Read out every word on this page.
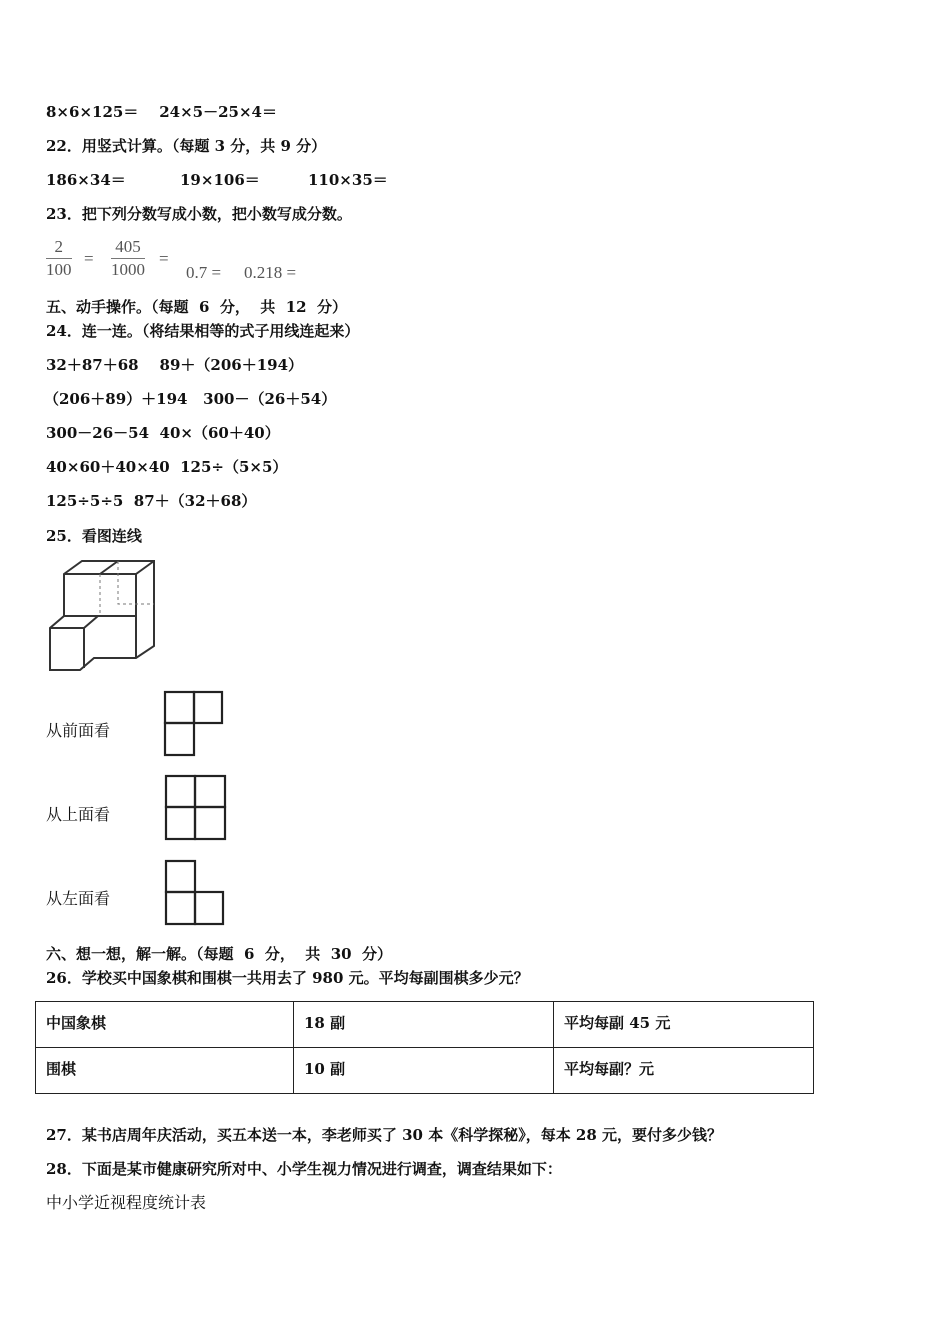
8×6×125＝    24×5－25×4＝
22．用竖式计算。（每题 3 分，共 9 分）
186×34＝	19×106＝	110×35＝
23．把下列分数写成小数，把小数写成分数。
$\frac{2}{100} = \frac{405}{1000}$ =
0.7 = 0.218 =
五、动手操作。（每题  6  分，  共  12  分）
24．连一连。（将结果相等的式子用线连起来）
32＋87＋68    89＋（206＋194）
（206＋89）＋194   300－（26＋54）
300－26－54  40×（60＋40）
40×60＋40×40  125÷（5×5）
125÷5÷5  87＋（32＋68）
25．看图连线
从前面看
从上面看
从左面看
六、想一想，解一解。（每题  6  分，  共  30  分）
26．学校买中国象棋和围棋一共用去了 980 元。平均每副围棋多少元？
中国象棋	18 副	平均每副 45 元
围棋	10 副	平均每副？元
27．某书店周年庆活动，买五本送一本，李老师买了 30 本《科学探秘》，每本 28 元，要付多少钱？
28．下面是某市健康研究所对中、小学生视力情况进行调查，调查结果如下：
中小学近视程度统计表
